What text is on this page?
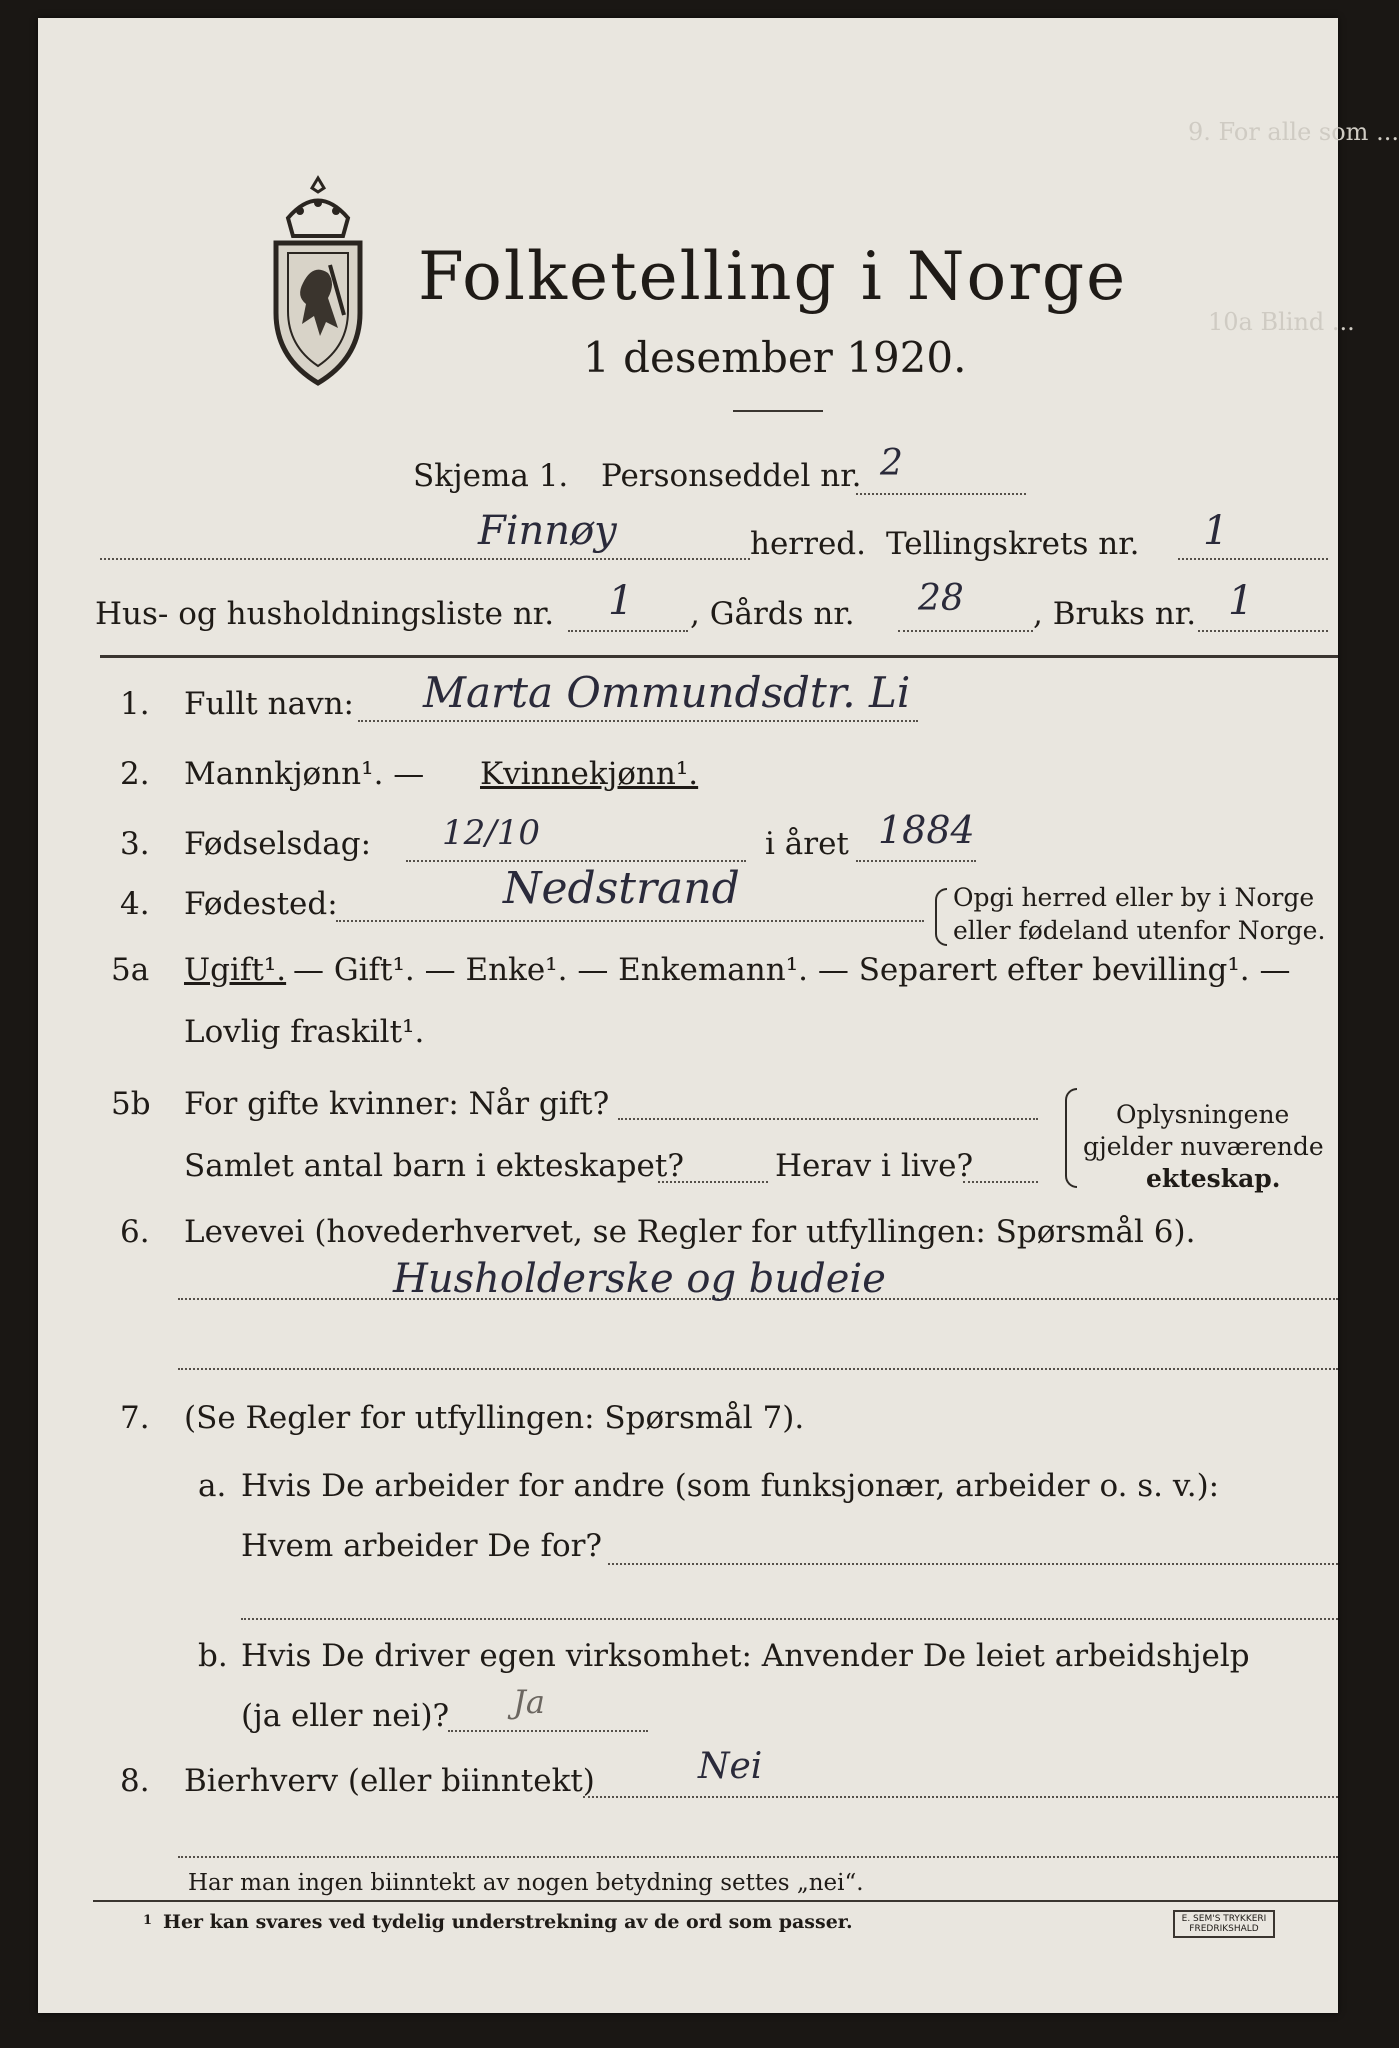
9. For alle som ...
10a Blind ...
Folketelling i Norge
1 desember 1920.
Skjema 1. Personseddel nr. 2
Finnøy	herred. Tellingskrets nr. 1
Hus- og husholdningsliste nr. 1 , Gårds nr. 28 , Bruks nr. 1
1. Fullt navn: Marta Ommundsdtr. Li
2. Mannkjønn¹. — Kvinnekjønn¹.
3. Fødselsdag: 12/10	i året 1884
4. Fødested:	Nedstrand	Opgi herred eller by i Norge
eller fødeland utenfor Norge.
5a Ugift¹. — Gift¹. — Enke¹. — Enkemann¹. — Separert efter bevilling¹. —
Lovlig fraskilt¹.
5b For gifte kvinner: Når gift?
Samlet antal barn i ekteskapet?	Herav i live?
Oplysningene
gjelder nuværende
ekteskap.
6. Levevei (hovederhvervet, se Regler for utfyllingen: Spørsmål 6).
Husholderske og budeie
7. (Se Regler for utfyllingen: Spørsmål 7).
a. Hvis De arbeider for andre (som funksjonær, arbeider o. s. v.):
Hvem arbeider De for?
b. Hvis De driver egen virksomhet: Anvender De leiet arbeidshjelp
(ja eller nei)? Ja
8. Bierhverv (eller biinntekt)	Nei
Har man ingen biinntekt av nogen betydning settes „nei“.
1 Her kan svares ved tydelig understrekning av de ord som passer.	E. SEM'S TRYKKERI FREDRIKSHALD
